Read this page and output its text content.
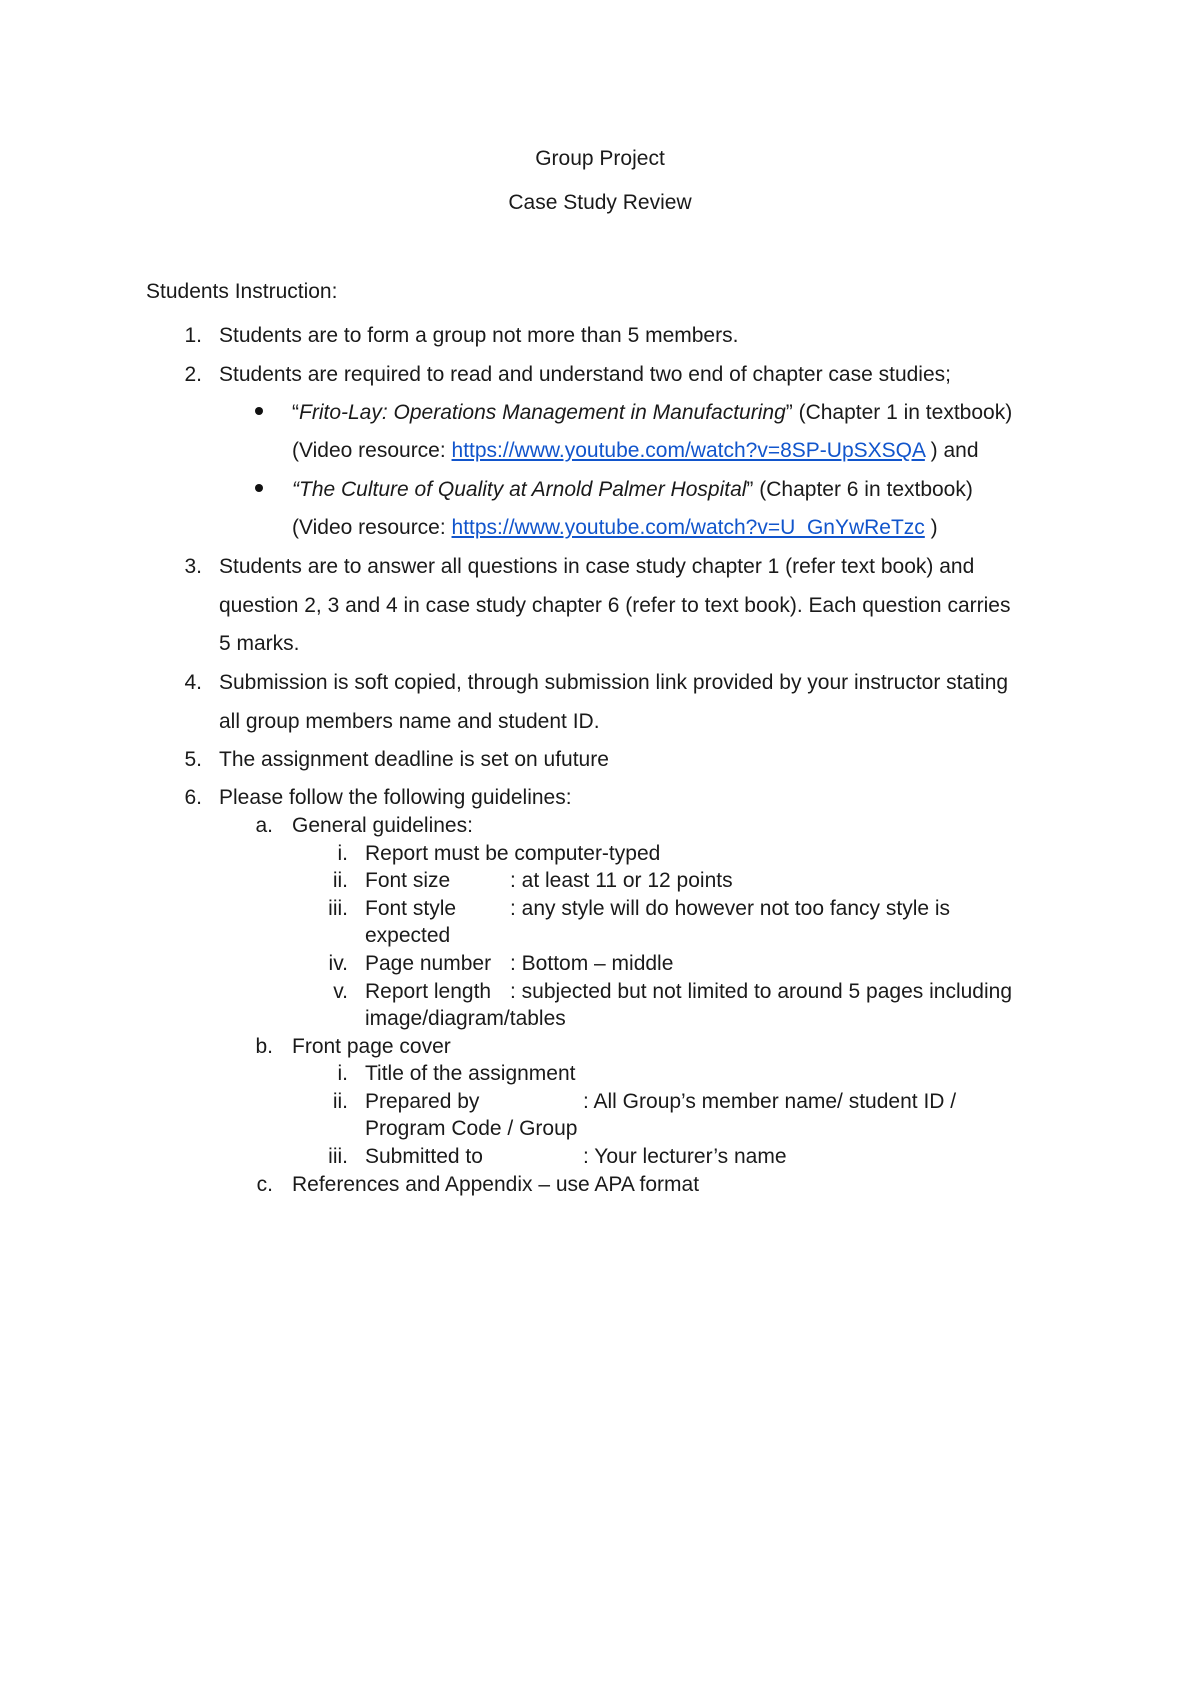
Group Project
Case Study Review
Students Instruction:
1. Students are to form a group not more than 5 members.
2. Students are required to read and understand two end of chapter case studies;
“Frito-Lay: Operations Management in Manufacturing” (Chapter 1 in textbook)
(Video resource: https://www.youtube.com/watch?v=8SP-UpSXSQA ) and
“The Culture of Quality at Arnold Palmer Hospital” (Chapter 6 in textbook)
(Video resource: https://www.youtube.com/watch?v=U_GnYwReTzc )
3. Students are to answer all questions in case study chapter 1 (refer text book) and
question 2, 3 and 4 in case study chapter 6 (refer to text book). Each question carries
5 marks.
4. Submission is soft copied, through submission link provided by your instructor stating
all group members name and student ID.
5. The assignment deadline is set on ufuture
6. Please follow the following guidelines:
a. General guidelines:
i. Report must be computer-typed
ii. Font size	: at least 11 or 12 points
iii. Font style	: any style will do however not too fancy style is
expected
iv. Page number : Bottom – middle
v. Report length : subjected but not limited to around 5 pages including
image/diagram/tables
b. Front page cover
i. Title of the assignment
ii. Prepared by	: All Group’s member name/ student ID /
Program Code / Group
iii. Submitted to	: Your lecturer’s name
c. References and Appendix – use APA format
